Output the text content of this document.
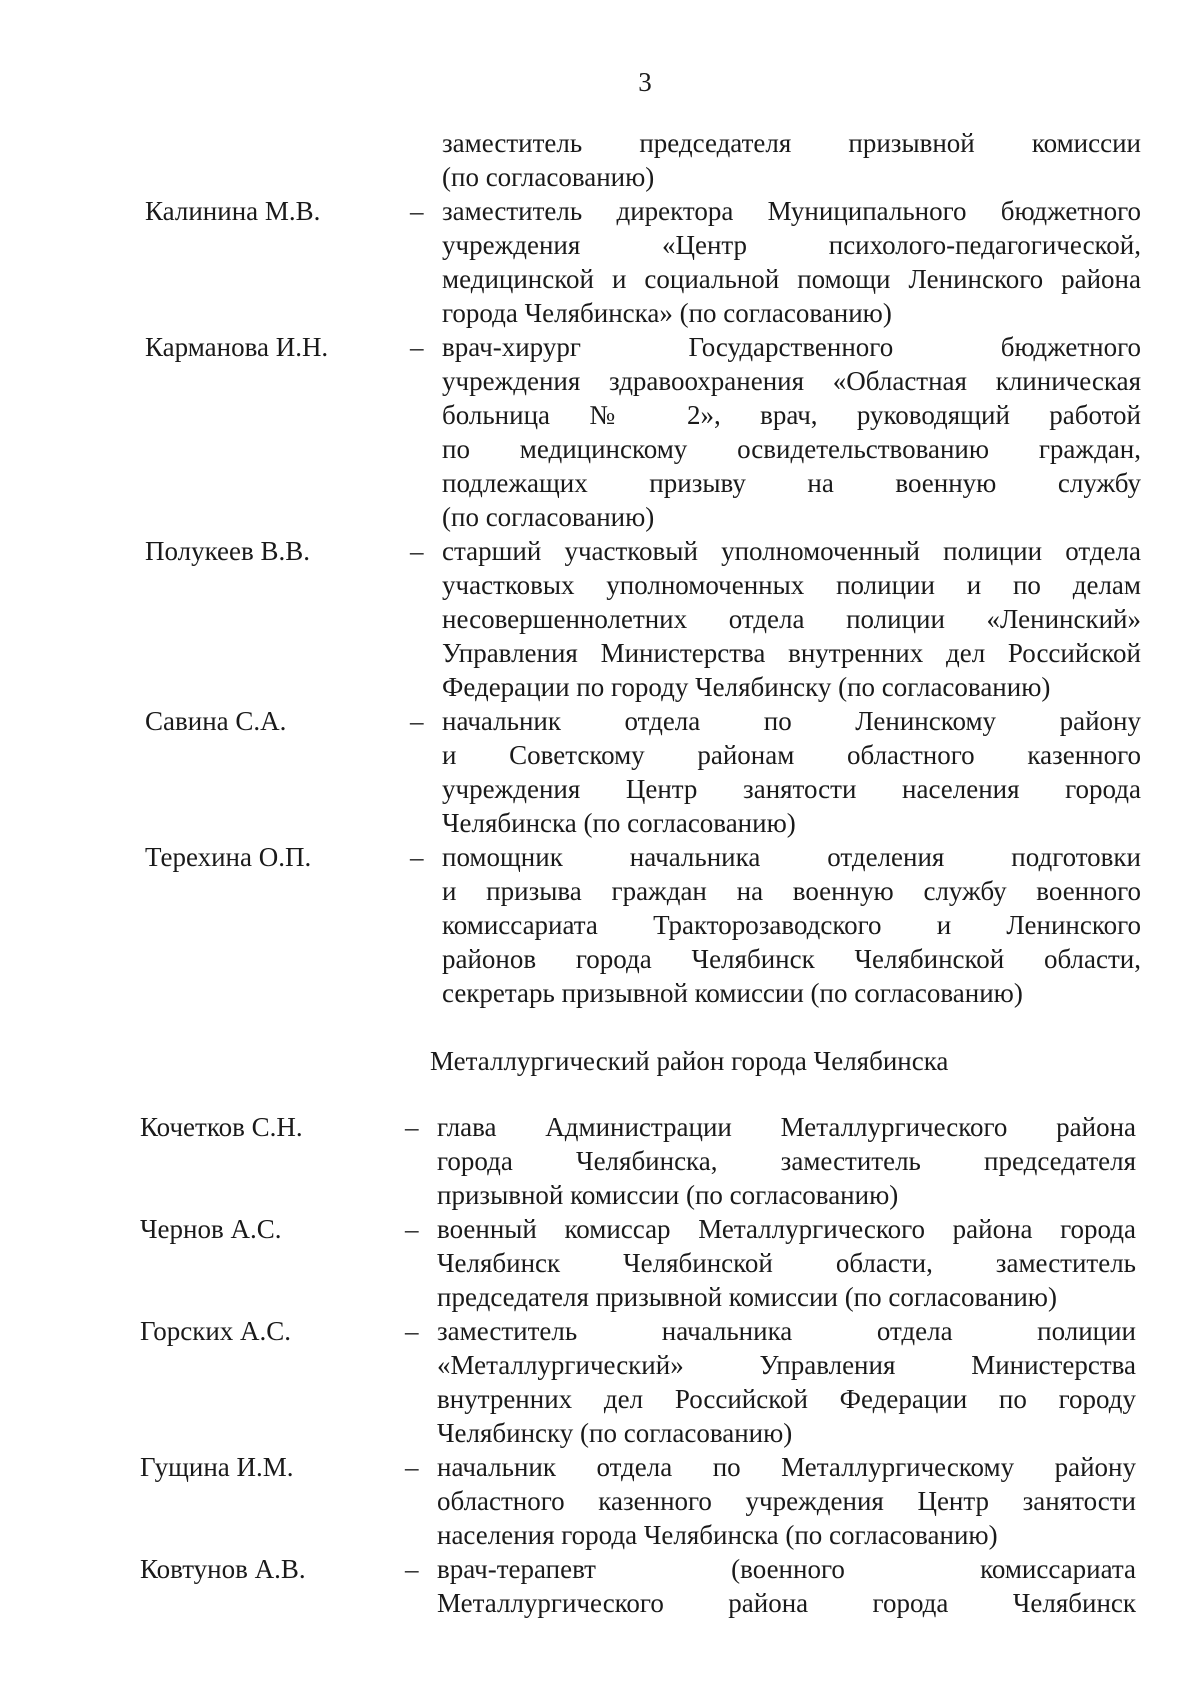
3
заместитель председателя призывной комиссии
(по согласованию)
Калинина М.В.	– заместитель директора Муниципального бюджетного
учреждения «Центр психолого-педагогической,
медицинской и социальной помощи Ленинского района
города Челябинска» (по согласованию)
Карманова И.Н.	– врач-хирург Государственного бюджетного
учреждения здравоохранения «Областная клиническая
больница № 2», врач, руководящий работой
по медицинскому освидетельствованию граждан,
подлежащих призыву на военную службу
(по согласованию)
Полукеев В.В.	– старший участковый уполномоченный полиции отдела
участковых уполномоченных полиции и по делам
несовершеннолетних отдела полиции «Ленинский»
Управления Министерства внутренних дел Российской
Федерации по городу Челябинску (по согласованию)
Савина С.А.	– начальник отдела по Ленинскому району
и Советскому районам областного казенного
учреждения Центр занятости населения города
Челябинска (по согласованию)
Терехина О.П.	– помощник начальника отделения подготовки
и призыва граждан на военную службу военного
комиссариата Тракторозаводского и Ленинского
районов города Челябинск Челябинской области,
секретарь призывной комиссии (по согласованию)
Металлургический район города Челябинска
Кочетков С.Н.	– глава Администрации Металлургического района
города Челябинска, заместитель председателя
призывной комиссии (по согласованию)
Чернов А.С.	– военный комиссар Металлургического района города
Челябинск Челябинской области, заместитель
председателя призывной комиссии (по согласованию)
Горских А.С.	– заместитель начальника отдела полиции
«Металлургический» Управления Министерства
внутренних дел Российской Федерации по городу
Челябинску (по согласованию)
Гущина И.М.	– начальник отдела по Металлургическому району
областного казенного учреждения Центр занятости
населения города Челябинска (по согласованию)
Ковтунов А.В.	– врач-терапевт (военного комиссариата
Металлургического района города Челябинск
